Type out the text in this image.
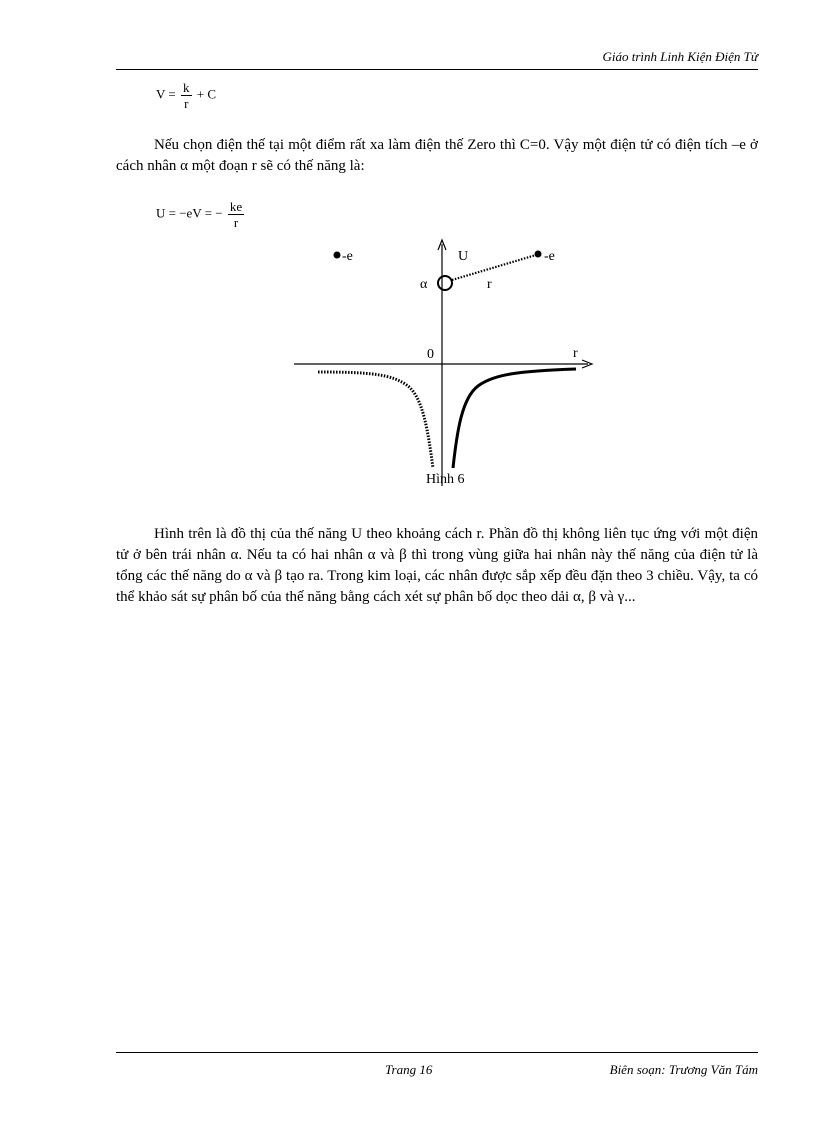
Giáo trình Linh Kiện Điện Tử
$V = \frac{k}{r} + C$

Nếu chọn điện thế tại một điểm rất xa làm điện thế Zero thì C=0. Vậy một điện tử có điện tích –e ở cách nhân α một đoạn r sẽ có thế năng là:

U = −eV = − $\frac{ke}{r}$
-e	U
α
-e
r
0	r
Hình 6

Hình trên là đồ thị của thế năng U theo khoảng cách r. Phần đồ thị không liên tục ứng với một điện tử ở bên trái nhân α. Nếu ta có hai nhân α và β thì trong vùng giữa hai nhân này thế năng của điện tử là tổng các thế năng do α và β tạo ra. Trong kim loại, các nhân được sắp xếp đều đặn theo 3 chiều. Vậy, ta có thể khảo sát sự phân bố của thế năng bằng cách xét sự phân bố dọc theo dải α, β và γ...

Trang 16	Biên soạn: Trương Văn Tám
